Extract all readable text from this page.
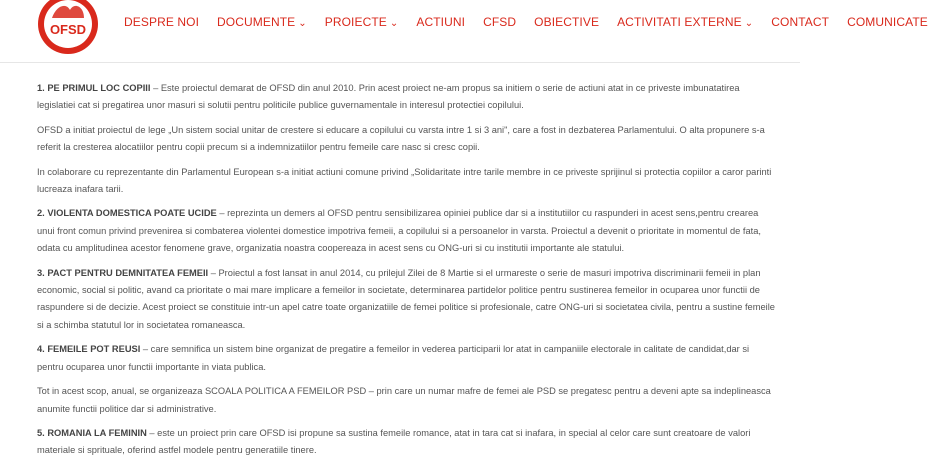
OFSD	DESPRE NOI DOCUMENTE ⌄ PROIECTE ⌄ ACTIUNI CFSD OBIECTIVE ACTIVITATI EXTERNE ⌄ CONTACT COMUNICATE

1. PE PRIMUL LOC COPIII – Este proiectul demarat de OFSD din anul 2010. Prin acest proiect ne-am propus sa initiem o serie de actiuni atat in ce priveste imbunatatirea legislatiei cat si pregatirea unor masuri si solutii pentru politicile publice guvernamentale in interesul protectiei copilului.

OFSD a initiat proiectul de lege „Un sistem social unitar de crestere si educare a copilului cu varsta intre 1 si 3 ani", care a fost in dezbaterea Parlamentului. O alta propunere s-a referit la cresterea alocatiilor pentru copii precum si a indemnizatiilor pentru femeile care nasc si cresc copii.

In colaborare cu reprezentante din Parlamentul European s-a initiat actiuni comune privind „Solidaritate intre tarile membre in ce priveste sprijinul si protectia copiilor a caror parinti lucreaza inafara tarii.

2. VIOLENTA DOMESTICA POATE UCIDE – reprezinta un demers al OFSD pentru sensibilizarea opiniei publice dar si a institutiilor cu raspunderi in acest sens,pentru crearea unui front comun privind prevenirea si combaterea violentei domestice impotriva femeii, a copilului si a persoanelor in varsta. Proiectul a devenit o prioritate in momentul de fata, odata cu amplitudinea acestor fenomene grave, organizatia noastra coopereaza in acest sens cu ONG-uri si cu institutii importante ale statului.

3. PACT PENTRU DEMNITATEA FEMEII – Proiectul a fost lansat in anul 2014, cu prilejul Zilei de 8 Martie si el urmareste o serie de masuri impotriva discriminarii femeii in plan economic, social si politic, avand ca prioritate o mai mare implicare a femeilor in societate, determinarea partidelor politice pentru sustinerea femeilor in ocuparea unor functii de raspundere si de decizie. Acest proiect se constituie intr-un apel catre toate organizatiile de femei politice si profesionale, catre ONG-uri si societatea civila, pentru a sustine femeile si a schimba statutul lor in societatea romaneasca.

4. FEMEILE POT REUSI – care semnifica un sistem bine organizat de pregatire a femeilor in vederea participarii lor atat in campaniile electorale in calitate de candidat,dar si pentru ocuparea unor functii importante in viata publica.

Tot in acest scop, anual, se organizeaza SCOALA POLITICA A FEMEILOR PSD – prin care un numar mafre de femei ale PSD se pregatesc pentru a deveni apte sa indeplineasca anumite functii politice dar si administrative.

5. ROMANIA LA FEMININ – este un proiect prin care OFSD isi propune sa sustina femeile romance, atat in tara cat si inafara, in special al celor care sunt creatoare de valori materiale si sprituale, oferind astfel modele pentru generatiile tinere.
